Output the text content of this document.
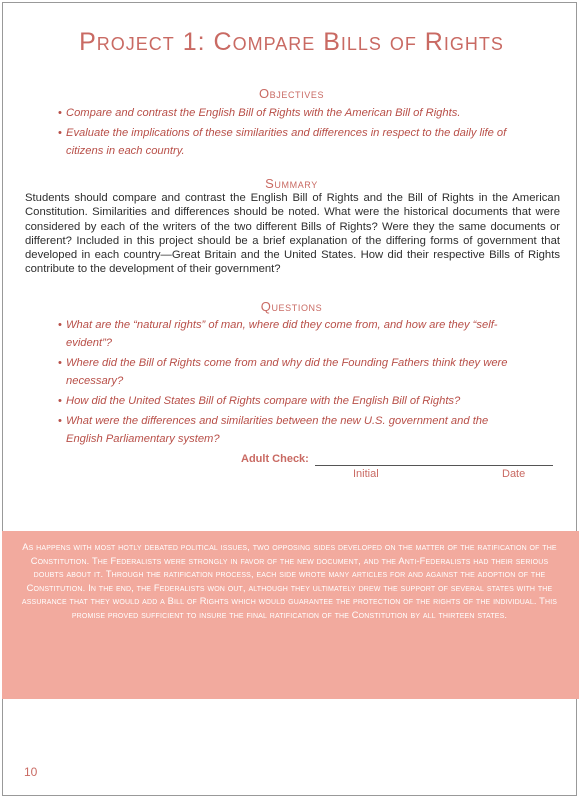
Project 1: Compare Bills of Rights
Objectives
• Compare and contrast the English Bill of Rights with the American Bill of Rights.
• Evaluate the implications of these similarities and differences in respect to the daily life of citizens in each country.
Summary

Students should compare and contrast the English Bill of Rights and the Bill of Rights in the American Constitution. Similarities and differences should be noted. What were the historical documents that were considered by each of the writers of the two different Bills of Rights? Were they the same documents or different? Included in this project should be a brief explanation of the differing forms of government that developed in each country—Great Britain and the United States. How did their respective Bills of Rights contribute to the development of their government?

Questions
• What are the “natural rights” of man, where did they come from, and how are they “self-evident”?
• Where did the Bill of Rights come from and why did the Founding Fathers think they were necessary?
• How did the United States Bill of Rights compare with the English Bill of Rights?
• What were the differences and similarities between the new U.S. government and the English Parliamentary system?
Adult Check:
Initial	Date

As happens with most hotly debated political issues, two opposing sides developed on the matter of the ratification of the Constitution. The Federalists were strongly in favor of the new document, and the Anti-Federalists had their serious doubts about it. Through the ratification process, each side wrote many articles for and against the adoption of the Constitution. In the end, the Federalists won out, although they ultimately drew the support of several states with the assurance that they would add a Bill of Rights which would guarantee the protection of the rights of the individual. This promise proved sufficient to insure the final ratification of the Constitution by all thirteen states.

10
